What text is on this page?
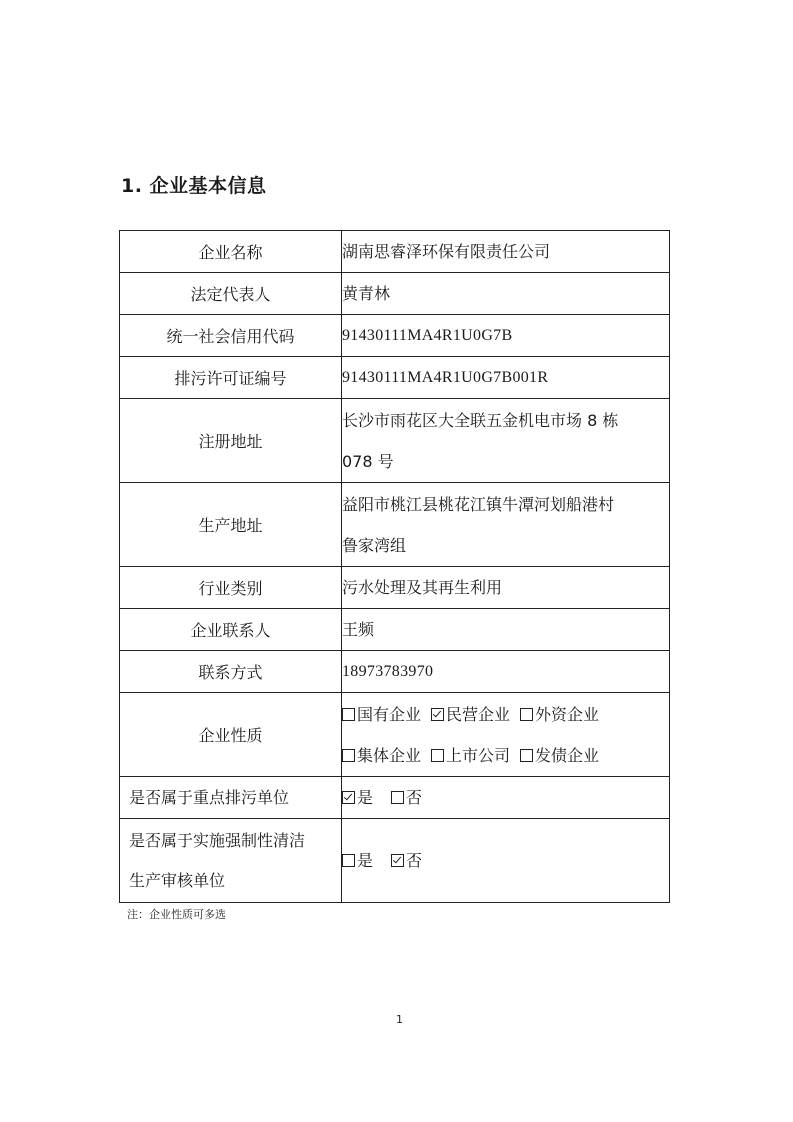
1. 企业基本信息
企业名称	湖南思睿泽环保有限责任公司
法定代表人	黄青林
统一社会信用代码	91430111MA4R1U0G7B
排污许可证编号	91430111MA4R1U0G7B001R
注册地址	长沙市雨花区大全联五金机电市场 8 栋
078 号

生产地址	益阳市桃江县桃花江镇牛潭河划船港村
鲁家湾组

行业类别	污水处理及其再生利用
企业联系人	王频
联系方式	18973783970
企业性质	国有企业 民营企业 外资企业
集体企业 上市公司 发债企业

是否属于重点排污单位	是 否

是否属于实施强制性清洁
生产审核单位	是 否
注：企业性质可多选
1
